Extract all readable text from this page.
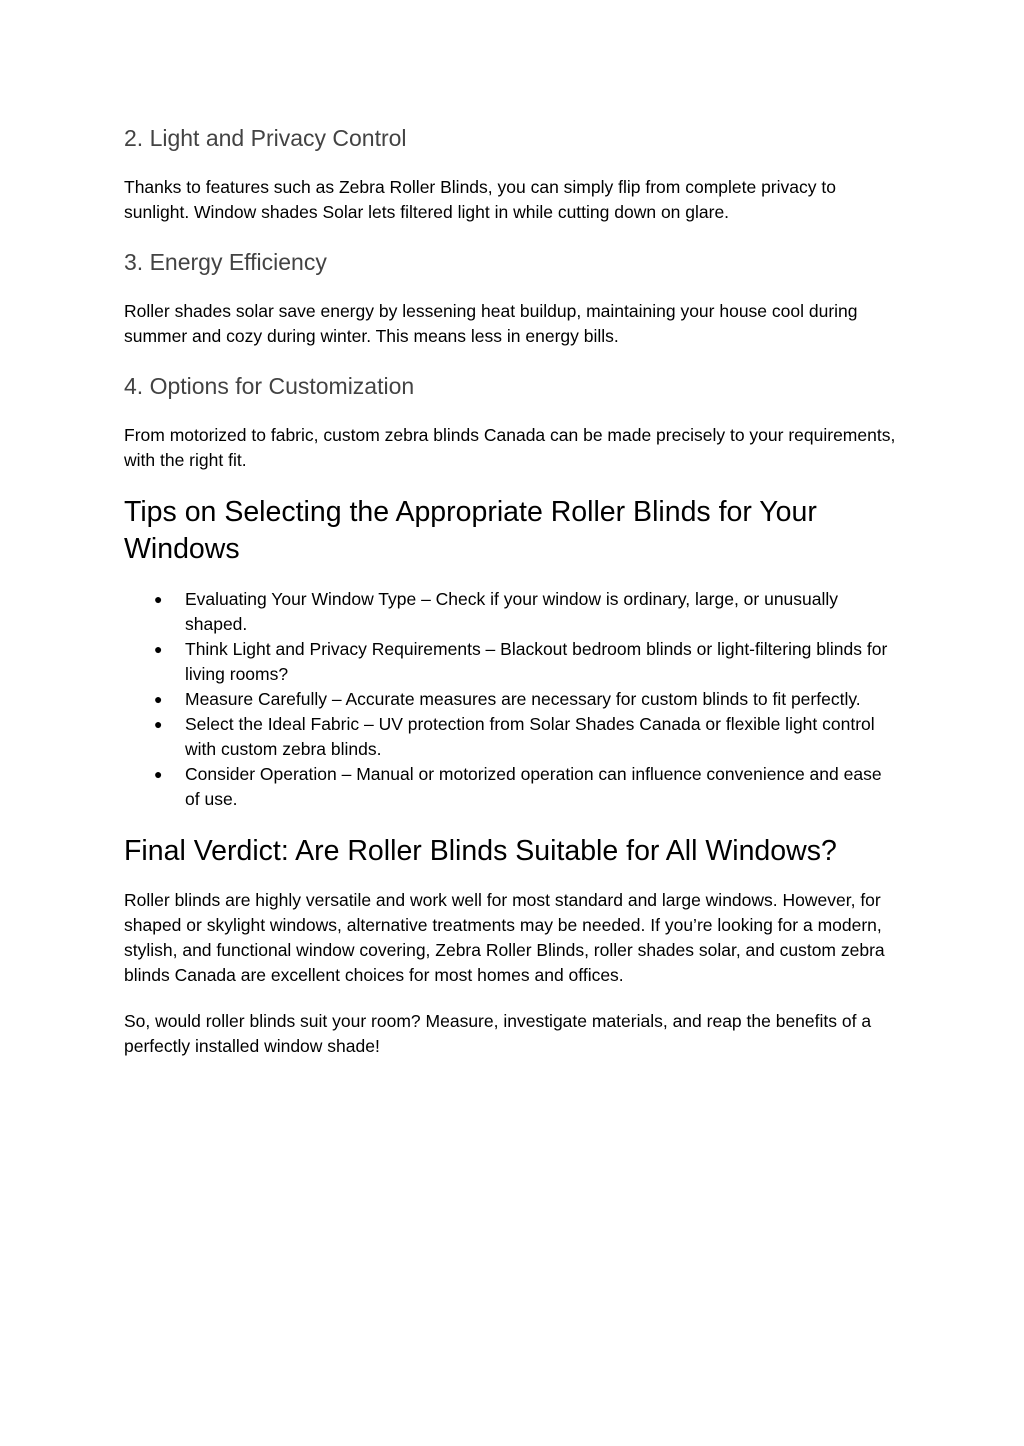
2. Light and Privacy Control

Thanks to features such as Zebra Roller Blinds, you can simply flip from complete privacy to sunlight. Window shades Solar lets filtered light in while cutting down on glare.

3. Energy Efficiency

Roller shades solar save energy by lessening heat buildup, maintaining your house cool during summer and cozy during winter. This means less in energy bills.

4. Options for Customization

From motorized to fabric, custom zebra blinds Canada can be made precisely to your requirements, with the right fit.

Tips on Selecting the Appropriate Roller Blinds for Your Windows
● Evaluating Your Window Type – Check if your window is ordinary, large, or unusually shaped.
● Think Light and Privacy Requirements – Blackout bedroom blinds or light-filtering blinds for living rooms?
● Measure Carefully – Accurate measures are necessary for custom blinds to fit perfectly.
● Select the Ideal Fabric – UV protection from Solar Shades Canada or flexible light control with custom zebra blinds.
● Consider Operation – Manual or motorized operation can influence convenience and ease of use.
Final Verdict: Are Roller Blinds Suitable for All Windows?

Roller blinds are highly versatile and work well for most standard and large windows. However, for shaped or skylight windows, alternative treatments may be needed. If you’re looking for a modern, stylish, and functional window covering, Zebra Roller Blinds, roller shades solar, and custom zebra blinds Canada are excellent choices for most homes and offices.

So, would roller blinds suit your room? Measure, investigate materials, and reap the benefits of a perfectly installed window shade!
